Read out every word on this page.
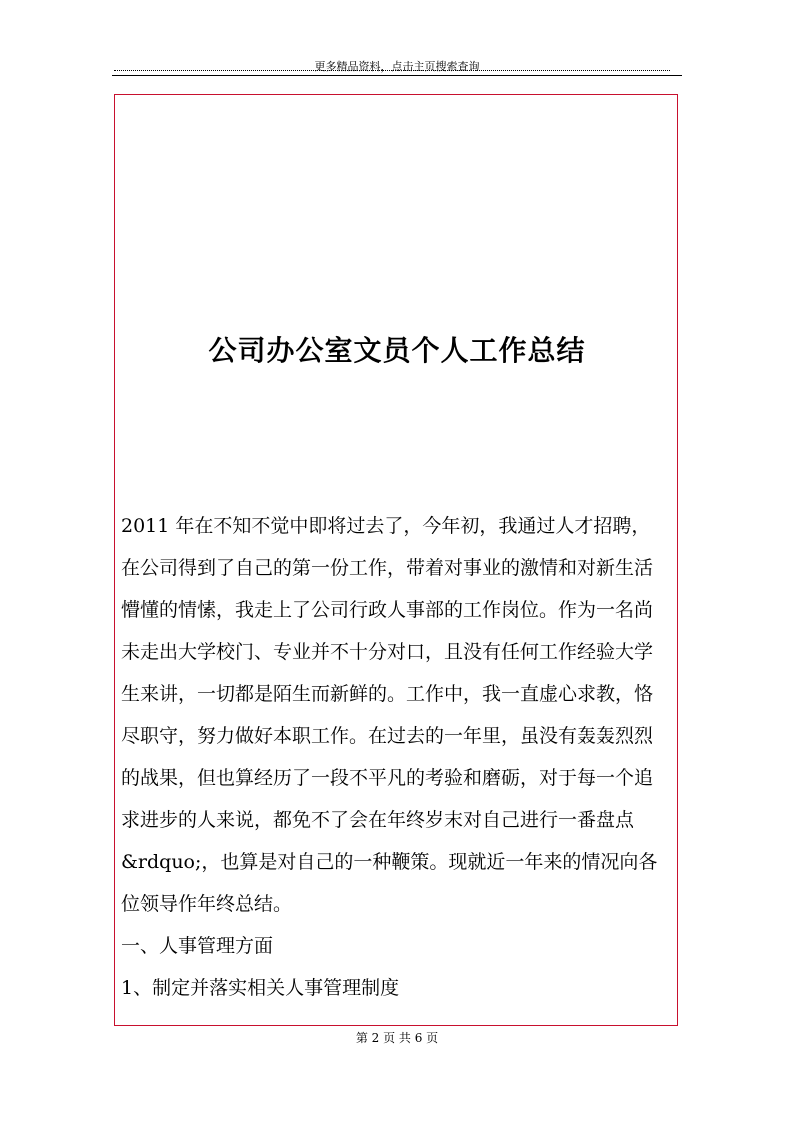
更多精品资料，点击主页搜索查询
公司办公室文员个人工作总结
2011 年在不知不觉中即将过去了，今年初，我通过人才招聘，
在公司得到了自己的第一份工作，带着对事业的激情和对新生活
懵懂的情愫，我走上了公司行政人事部的工作岗位。作为一名尚
未走出大学校门、专业并不十分对口，且没有任何工作经验大学
生来讲，一切都是陌生而新鲜的。工作中，我一直虚心求教，恪
尽职守，努力做好本职工作。在过去的一年里，虽没有轰轰烈烈
的战果，但也算经历了一段不平凡的考验和磨砺，对于每一个追
求进步的人来说，都免不了会在年终岁末对自己进行一番盘点
&rdquo;，也算是对自己的一种鞭策。现就近一年来的情况向各
位领导作年终总结。
一、人事管理方面
1、制定并落实相关人事管理制度
第 2 页 共 6 页
